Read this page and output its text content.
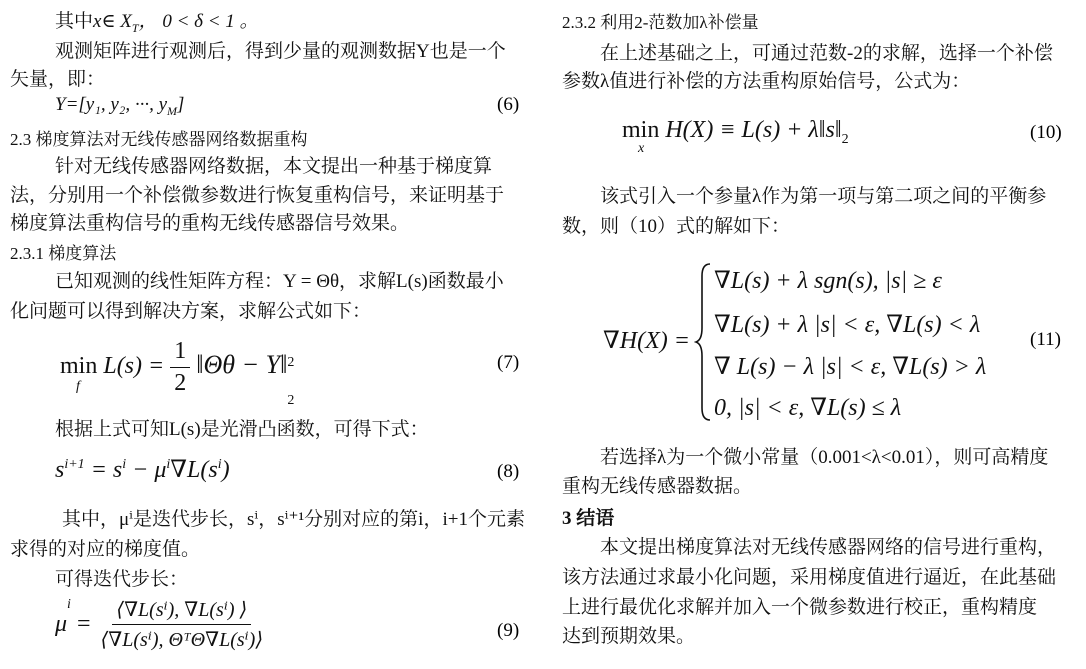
其中x∈ $X_T$， 0 < δ < 1 。
观测矩阵进行观测后，得到少量的观测数据Y也是一个
矢量，即：
Y=[y₁, y₂, ···, $y_M$]	(6)
2.3 梯度算法对无线传感器网络数据重构
针对无线传感器网络数据，本文提出一种基于梯度算
法，分别用一个补偿微参数进行恢复重构信号，来证明基于
梯度算法重构信号的重构无线传感器信号效果。
2.3.1 梯度算法
已知观测的线性矩阵方程：Y = Θθ，求解L(s)函数最小
化问题可以得到解决方案，求解公式如下：
min
f
$L(s) = \frac{1}{2}$ ‖Θθ − Y‖ 2
2
(7)
根据上式可知L(s)是光滑凸函数，可得下式：
$s^{i+1} = s^i - \mu^i\nabla L(s^i)$	(8)
其中，μⁱ是迭代步长，sⁱ，sⁱ⁺¹分别对应的第i，i+1个元素
求得的对应的梯度值。
可得迭代步长：
$\mu^i = \frac{\text{⟨∇L(sⁱ), ∇L(sⁱ) ⟩}}{\text{⟨∇L(sⁱ), ΘᵀΘ∇L(sⁱ)⟩}}$	(9)
2.3.2 利用2-范数加λ补偿量
在上述基础之上，可通过范数-2的求解，选择一个补偿
参数λ值进行补偿的方法重构原始信号，公式为：
min
x
$H(X) \equiv L(s) + \lambda‖s‖_2$	(10)
该式引入一个参量λ作为第一项与第二项之间的平衡参
数，则（10）式的解如下：
∇H(X) =
∇L(s) + λ sgn(s), |s| ≥ ε
∇L(s) + λ |s| < ε, ∇L(s) < λ
∇ L(s) − λ |s| < ε, ∇L(s) > λ
0, |s| < ε, ∇L(s) ≤ λ
(11)
若选择λ为一个微小常量（0.001<λ<0.01），则可高精度
重构无线传感器数据。
3 结语
本文提出梯度算法对无线传感器网络的信号进行重构，
该方法通过求最小化问题，采用梯度值进行逼近，在此基础
上进行最优化求解并加入一个微参数进行校正，重构精度
达到预期效果。
